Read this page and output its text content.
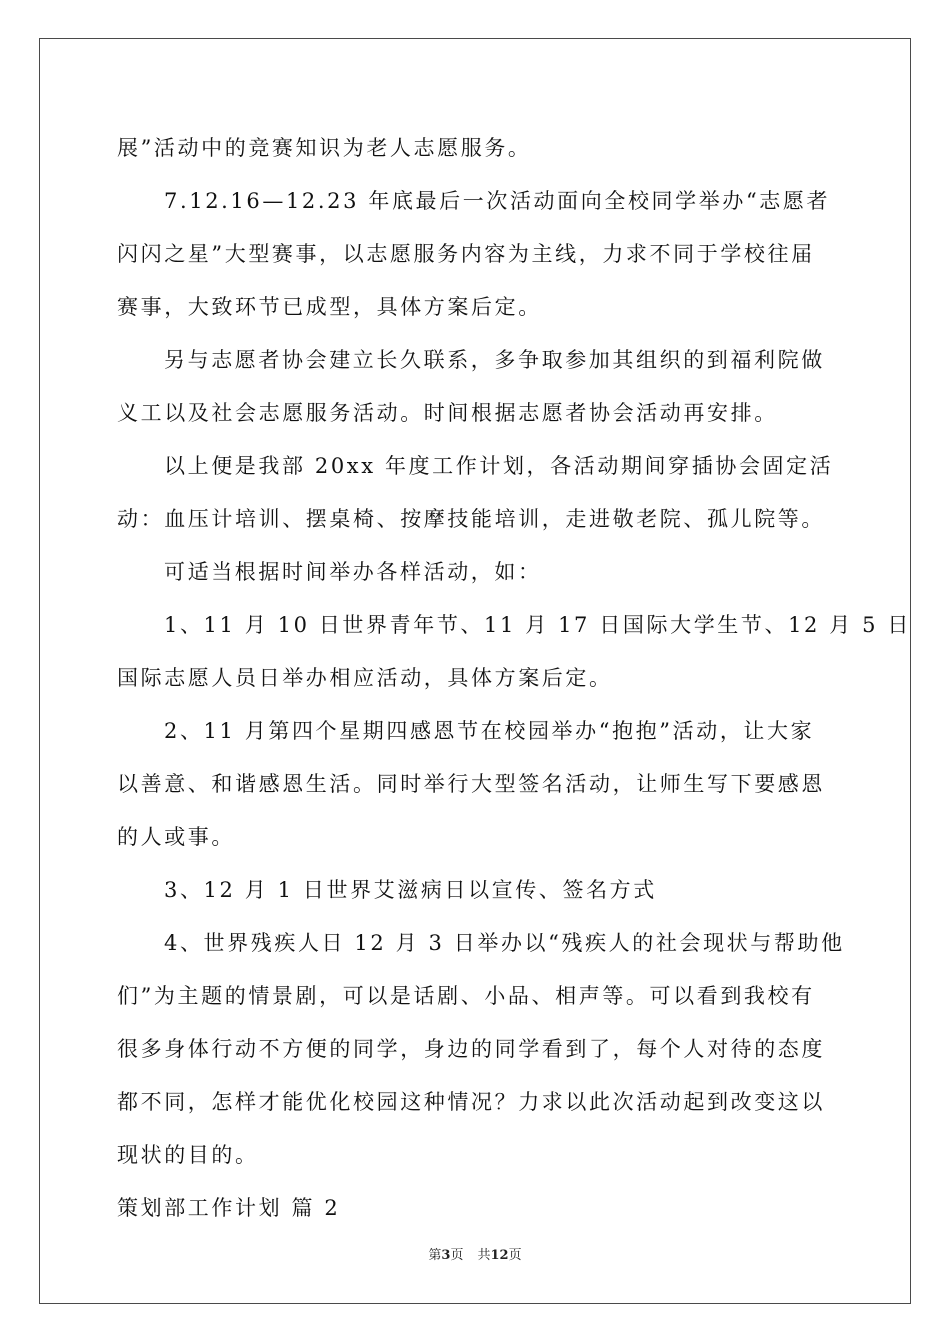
展”活动中的竞赛知识为老人志愿服务。
7.12.16—12.23 年底最后一次活动面向全校同学举办“志愿者
闪闪之星”大型赛事，以志愿服务内容为主线，力求不同于学校往届
赛事，大致环节已成型，具体方案后定。
另与志愿者协会建立长久联系，多争取参加其组织的到福利院做
义工以及社会志愿服务活动。时间根据志愿者协会活动再安排。
以上便是我部 20xx 年度工作计划，各活动期间穿插协会固定活
动：血压计培训、摆桌椅、按摩技能培训，走进敬老院、孤儿院等。
可适当根据时间举办各样活动，如：
1、11 月 10 日世界青年节、11 月 17 日国际大学生节、12 月 5 日
国际志愿人员日举办相应活动，具体方案后定。
2、11 月第四个星期四感恩节在校园举办“抱抱”活动，让大家
以善意、和谐感恩生活。同时举行大型签名活动，让师生写下要感恩
的人或事。
3、12 月 1 日世界艾滋病日以宣传、签名方式
4、世界残疾人日 12 月 3 日举办以“残疾人的社会现状与帮助他
们”为主题的情景剧，可以是话剧、小品、相声等。可以看到我校有
很多身体行动不方便的同学，身边的同学看到了，每个人对待的态度
都不同，怎样才能优化校园这种情况？力求以此次活动起到改变这以
现状的目的。
策划部工作计划 篇 2
第3页 共12页
